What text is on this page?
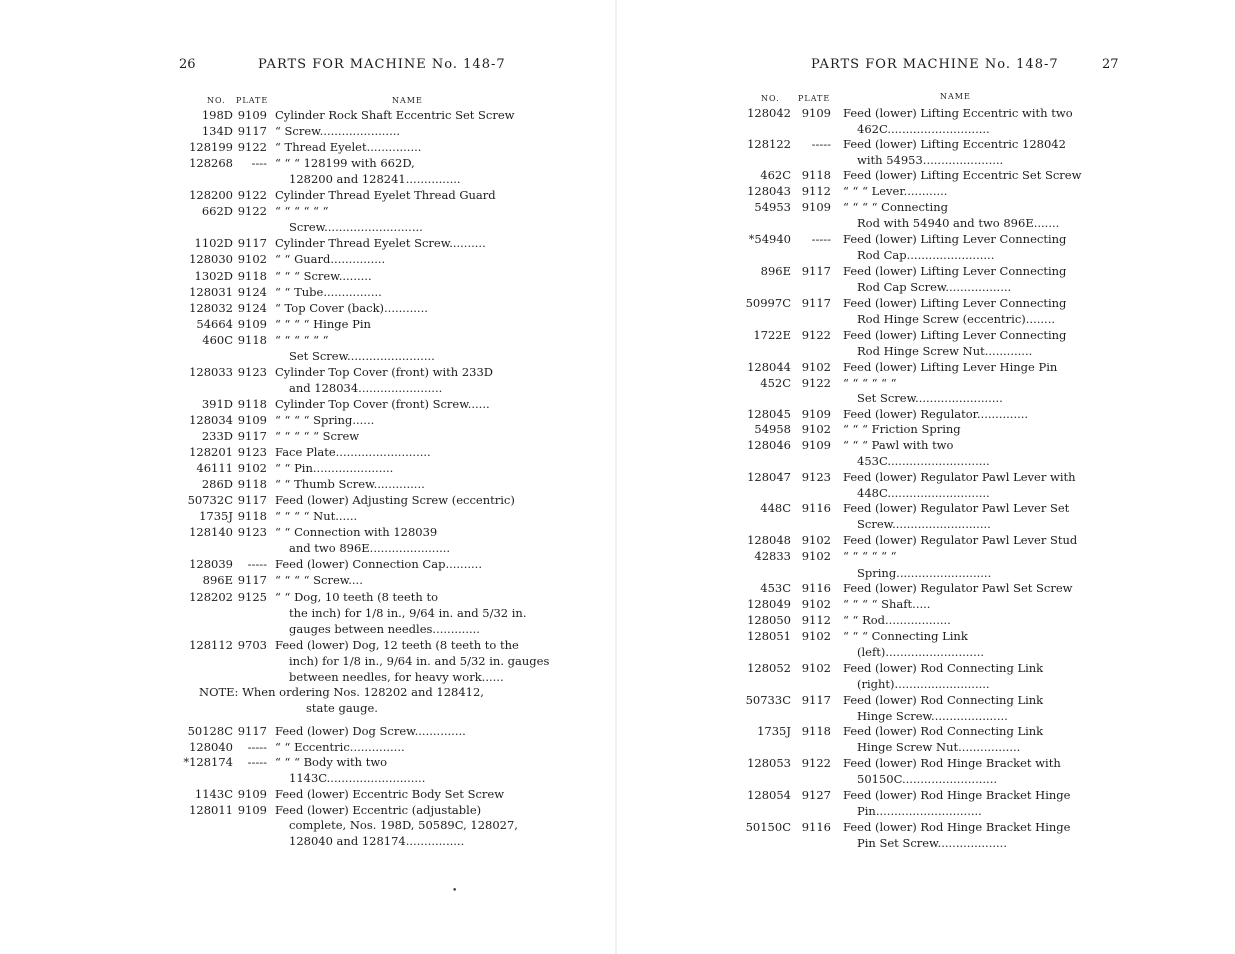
26	PARTS FOR MACHINE No. 148-7
NO. PLATE	NAME
198D 9109 Cylinder Rock Shaft Eccentric Set Screw
134D 9117 “ Screw......................
128199 9122 “ Thread Eyelet...............
128268 ---- “ “ “ 128199 with 662D,
128200 and 128241...............
128200 9122 Cylinder Thread Eyelet Thread Guard
662D 9122 “ “ “ “ “ “
Screw...........................
1102D 9117 Cylinder Thread Eyelet Screw..........
128030 9102 “ “ Guard...............
1302D 9118 “ “ “ Screw.........
128031 9124 “ “ Tube................
128032 9124 “ Top Cover (back)............
54664 9109 “ “ “ “ Hinge Pin
460C 9118 “ “ “ “ “ “
Set Screw........................
128033 9123 Cylinder Top Cover (front) with 233D
and 128034.......................
391D 9118 Cylinder Top Cover (front) Screw......
128034 9109 “ “ “ “ Spring......
233D 9117 “ “ “ “ “ Screw
128201 9123 Face Plate..........................
46111 9102 “ “ Pin......................
286D 9118 “ “ Thumb Screw..............
50732C 9117 Feed (lower) Adjusting Screw (eccentric)
1735J 9118 “ “ “ “ Nut......
128140 9123 “ “ Connection with 128039
and two 896E......................
128039 ----- Feed (lower) Connection Cap..........
896E 9117 “ “ “ “ Screw....
128202 9125 “ “ Dog, 10 teeth (8 teeth to
the inch) for 1/8 in., 9/64 in. and 5/32 in.
gauges between needles.............
128112 9703 Feed (lower) Dog, 12 teeth (8 teeth to the
inch) for 1/8 in., 9/64 in. and 5/32 in. gauges
between needles, for heavy work......
NOTE: When ordering Nos. 128202 and 128412,
state gauge.
50128C 9117 Feed (lower) Dog Screw..............
128040 ----- “ “ Eccentric...............
*128174 ----- “ “ “ Body with two
1143C...........................
1143C 9109 Feed (lower) Eccentric Body Set Screw
128011 9109 Feed (lower) Eccentric (adjustable)
complete, Nos. 198D, 50589C, 128027,
128040 and 128174................
PARTS FOR MACHINE No. 148-7	27
NO. PLATE	NAME
128042 9109 Feed (lower) Lifting Eccentric with two
462C............................
128122 ----- Feed (lower) Lifting Eccentric 128042
with 54953......................
462C 9118 Feed (lower) Lifting Eccentric Set Screw
128043 9112 “ “ “ Lever............
54953 9109 “ “ “ “ Connecting
Rod with 54940 and two 896E.......
*54940 ----- Feed (lower) Lifting Lever Connecting
Rod Cap........................
896E 9117 Feed (lower) Lifting Lever Connecting
Rod Cap Screw..................
50997C 9117 Feed (lower) Lifting Lever Connecting
Rod Hinge Screw (eccentric)........
1722E 9122 Feed (lower) Lifting Lever Connecting
Rod Hinge Screw Nut.............
128044 9102 Feed (lower) Lifting Lever Hinge Pin
452C 9122 “ “ “ “ “ “
Set Screw........................
128045 9109 Feed (lower) Regulator..............
54958 9102 “ “ “ Friction Spring
128046 9109 “ “ “ Pawl with two
453C............................
128047 9123 Feed (lower) Regulator Pawl Lever with
448C............................
448C 9116 Feed (lower) Regulator Pawl Lever Set
Screw...........................
128048 9102 Feed (lower) Regulator Pawl Lever Stud
42833 9102 “ “ “ “ “ “
Spring..........................
453C 9116 Feed (lower) Regulator Pawl Set Screw
128049 9102 “ “ “ “ Shaft.....
128050 9112 “ “ Rod..................
128051 9102 “ “ “ Connecting Link
(left)...........................
128052 9102 Feed (lower) Rod Connecting Link
(right)..........................
50733C 9117 Feed (lower) Rod Connecting Link
Hinge Screw.....................
1735J 9118 Feed (lower) Rod Connecting Link
Hinge Screw Nut.................
128053 9122 Feed (lower) Rod Hinge Bracket with
50150C..........................
128054 9127 Feed (lower) Rod Hinge Bracket Hinge
Pin.............................
50150C 9116 Feed (lower) Rod Hinge Bracket Hinge
Pin Set Screw...................
•
